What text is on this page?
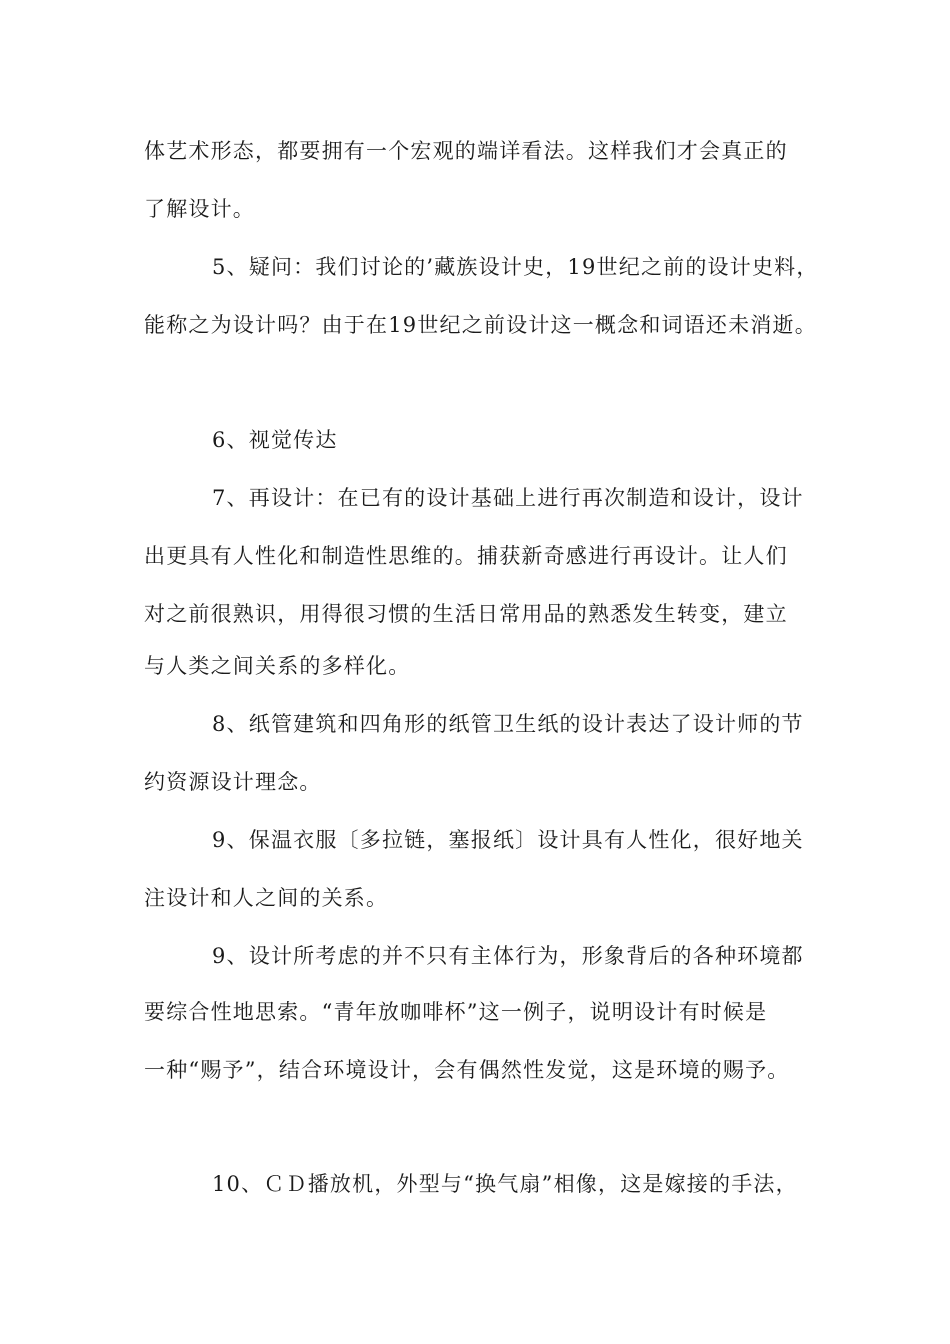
体艺术形态，都要拥有一个宏观的端详看法。这样我们才会真正的
了解设计。
5、疑问：我们讨论的’藏族设计史，19世纪之前的设计史料，
能称之为设计吗？由于在19世纪之前设计这一概念和词语还未消逝。
6、视觉传达
7、再设计：在已有的设计基础上进行再次制造和设计，设计
出更具有人性化和制造性思维的。捕获新奇感进行再设计。让人们
对之前很熟识，用得很习惯的生活日常用品的熟悉发生转变，建立
与人类之间关系的多样化。
8、纸管建筑和四角形的纸管卫生纸的设计表达了设计师的节
约资源设计理念。
9、保温衣服〔多拉链，塞报纸〕设计具有人性化，很好地关
注设计和人之间的关系。
9、设计所考虑的并不只有主体行为，形象背后的各种环境都
要综合性地思索。“青年放咖啡杯”这一例子，说明设计有时候是
一种“赐予”，结合环境设计，会有偶然性发觉，这是环境的赐予。
10、ＣＤ播放机，外型与“换气扇”相像，这是嫁接的手法，
